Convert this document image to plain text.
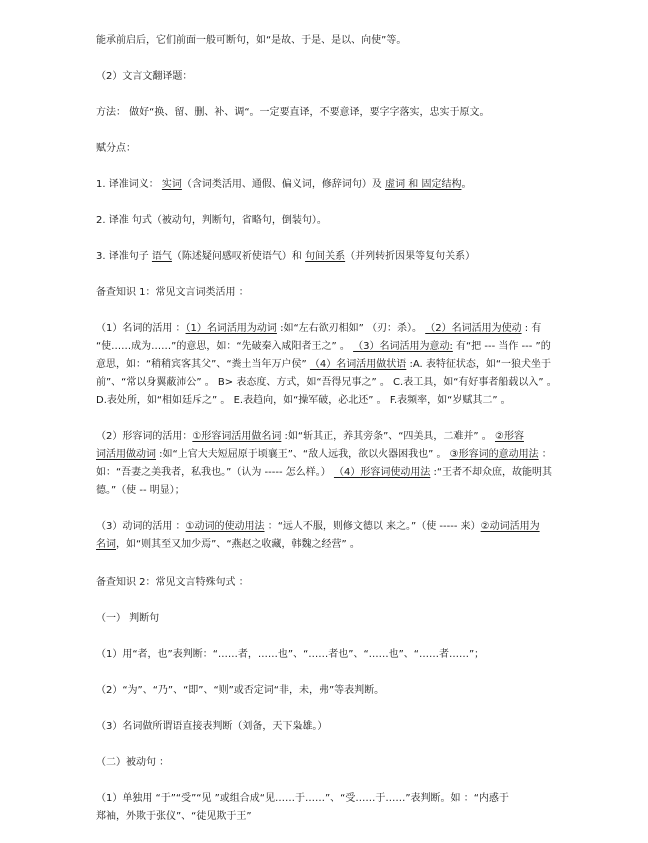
能承前启后，它们前面一般可断句，如“是故、于是、是以、向使”等。
（2）文言文翻译题：
方法： 做好“换、留、删、补、调“。一定要直译，不要意译，要字字落实，忠实于原文。
赋分点：
1. 译准词义： 实词（含词类活用、通假、偏义词，修辞词句）及 虚词 和 固定结构。
2. 译准 句式（被动句，判断句，省略句，倒装句）。
3. 译准句子 语气（陈述疑问感叹祈使语气）和 句间关系（并列转折因果等复句关系）
备查知识 1：常见文言词类活用 ：
（1）名词的活用 ：（1）名词活用为动词 :如“左右欲刃相如” （刃：杀）。 （2）名词活用为使动 : 有
“使……成为……”的意思，如：“先破秦入咸阳者王之” 。 （3）名词活用为意动: 有“把 --- 当作 --- ”的
意思，如：“稍稍宾客其父”、“粪土当年万户侯” （4）名词活用做状语 :A. 表特征状态，如“一狼犬坐于
前”、“常以身翼蔽沛公” 。 B> 表态度、方式，如“吾得兄事之” 。 C.表工具，如“有好事者船载以入” 。
D.表处所，如“相如廷斥之” 。 E.表趋向，如“操军破，必北还” 。 F.表频率，如“岁赋其二” 。
（2）形容词的活用：①形容词活用做名词 :如“斩其正，养其旁条”、“四美具，二难并” 。 ②形容
词活用做动词 :如“上官大夫短屈原于顷襄王”、“敌人远我，欲以火器困我也” 。 ③形容词的意动用法 ：
如：“吾妻之美我者，私我也。”（认为 ----- 怎么样。） （4）形容词使动用法 :“王者不却众庶，故能明其
德。”（使 -- 明显）；
（3）动词的活用 ：①动词的使动用法 ：“远人不服，则修文德以 来之。”（使 ----- 来）②动词活用为
名词，如“则其至又加少焉”、“燕赵之收藏，韩魏之经营” 。
备查知识 2：常见文言特殊句式 ：
（一） 判断句
（1）用“者，也”表判断：“……者，……也”、“……者也”、“……也”、“……者……”；
（2）“为”、“乃”、“即”、“则”或否定词“非，未，弗”等表判断。
（3）名词做所谓语直接表判断（刘备，天下枭雄。）
（二）被动句 ：
（1）单独用 “于”“受”“见 ”或组合成“见……于……”、“受……于……”表判断。如 ：“内惑于
郑袖，外欺于张仪”、“徒见欺于王”
